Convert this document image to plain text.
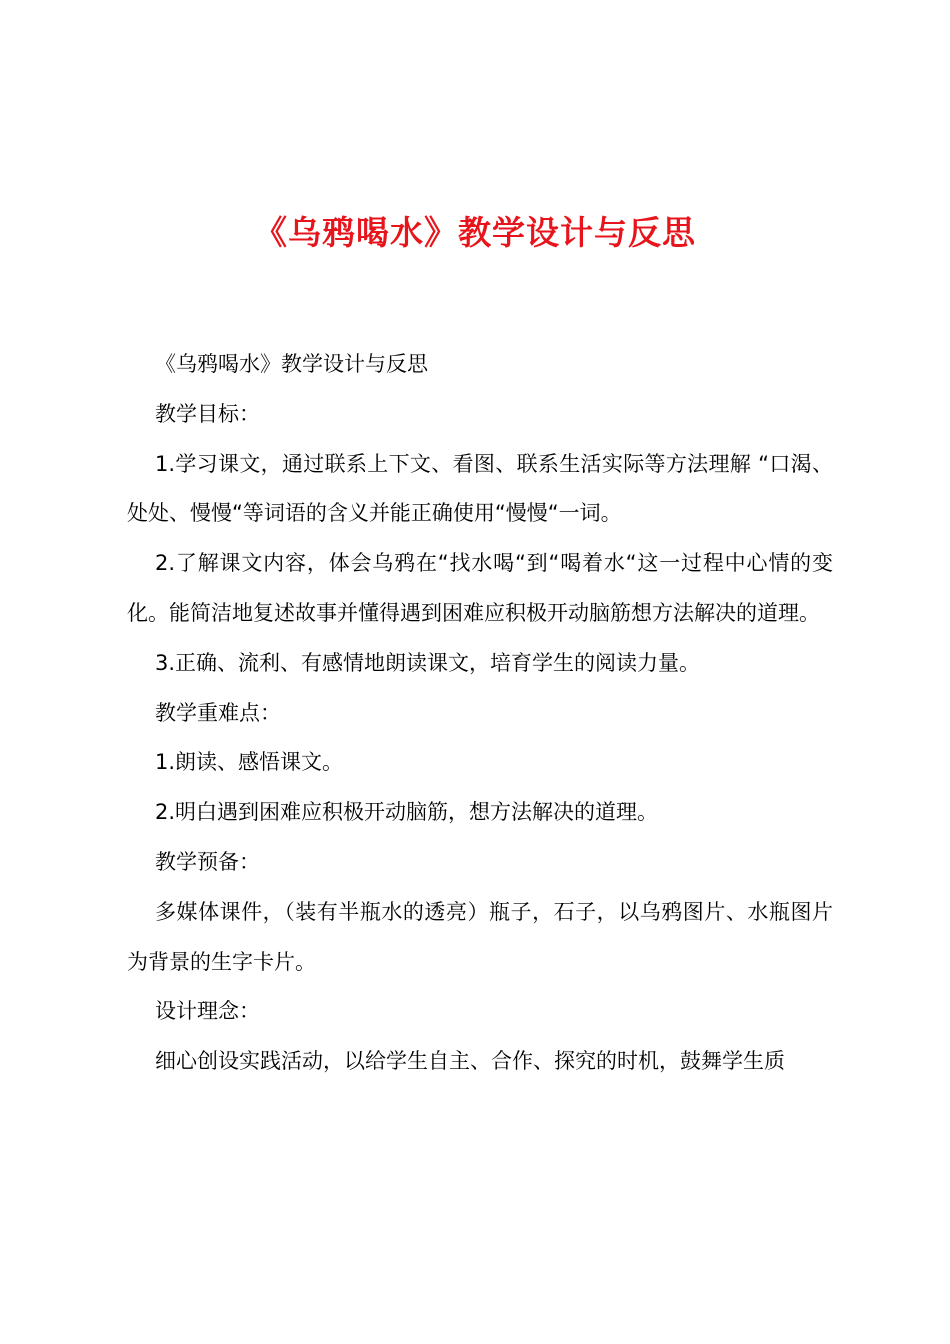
《乌鸦喝水》教学设计与反思

《乌鸦喝水》教学设计与反思

教学目标：

1.学习课文，通过联系上下文、看图、联系生活实际等方法理解 “口渴、处处、慢慢“等词语的含义并能正确使用“慢慢“一词。

2.了解课文内容，体会乌鸦在“找水喝“到“喝着水“这一过程中心情的变化。能简洁地复述故事并懂得遇到困难应积极开动脑筋想方法解决的道理。

3.正确、流利、有感情地朗读课文，培育学生的阅读力量。

教学重难点：

1.朗读、感悟课文。

2.明白遇到困难应积极开动脑筋，想方法解决的道理。

教学预备：

多媒体课件，（装有半瓶水的透亮）瓶子，石子，以乌鸦图片、水瓶图片为背景的生字卡片。

设计理念：

细心创设实践活动，以给学生自主、合作、探究的时机，鼓舞学生质
